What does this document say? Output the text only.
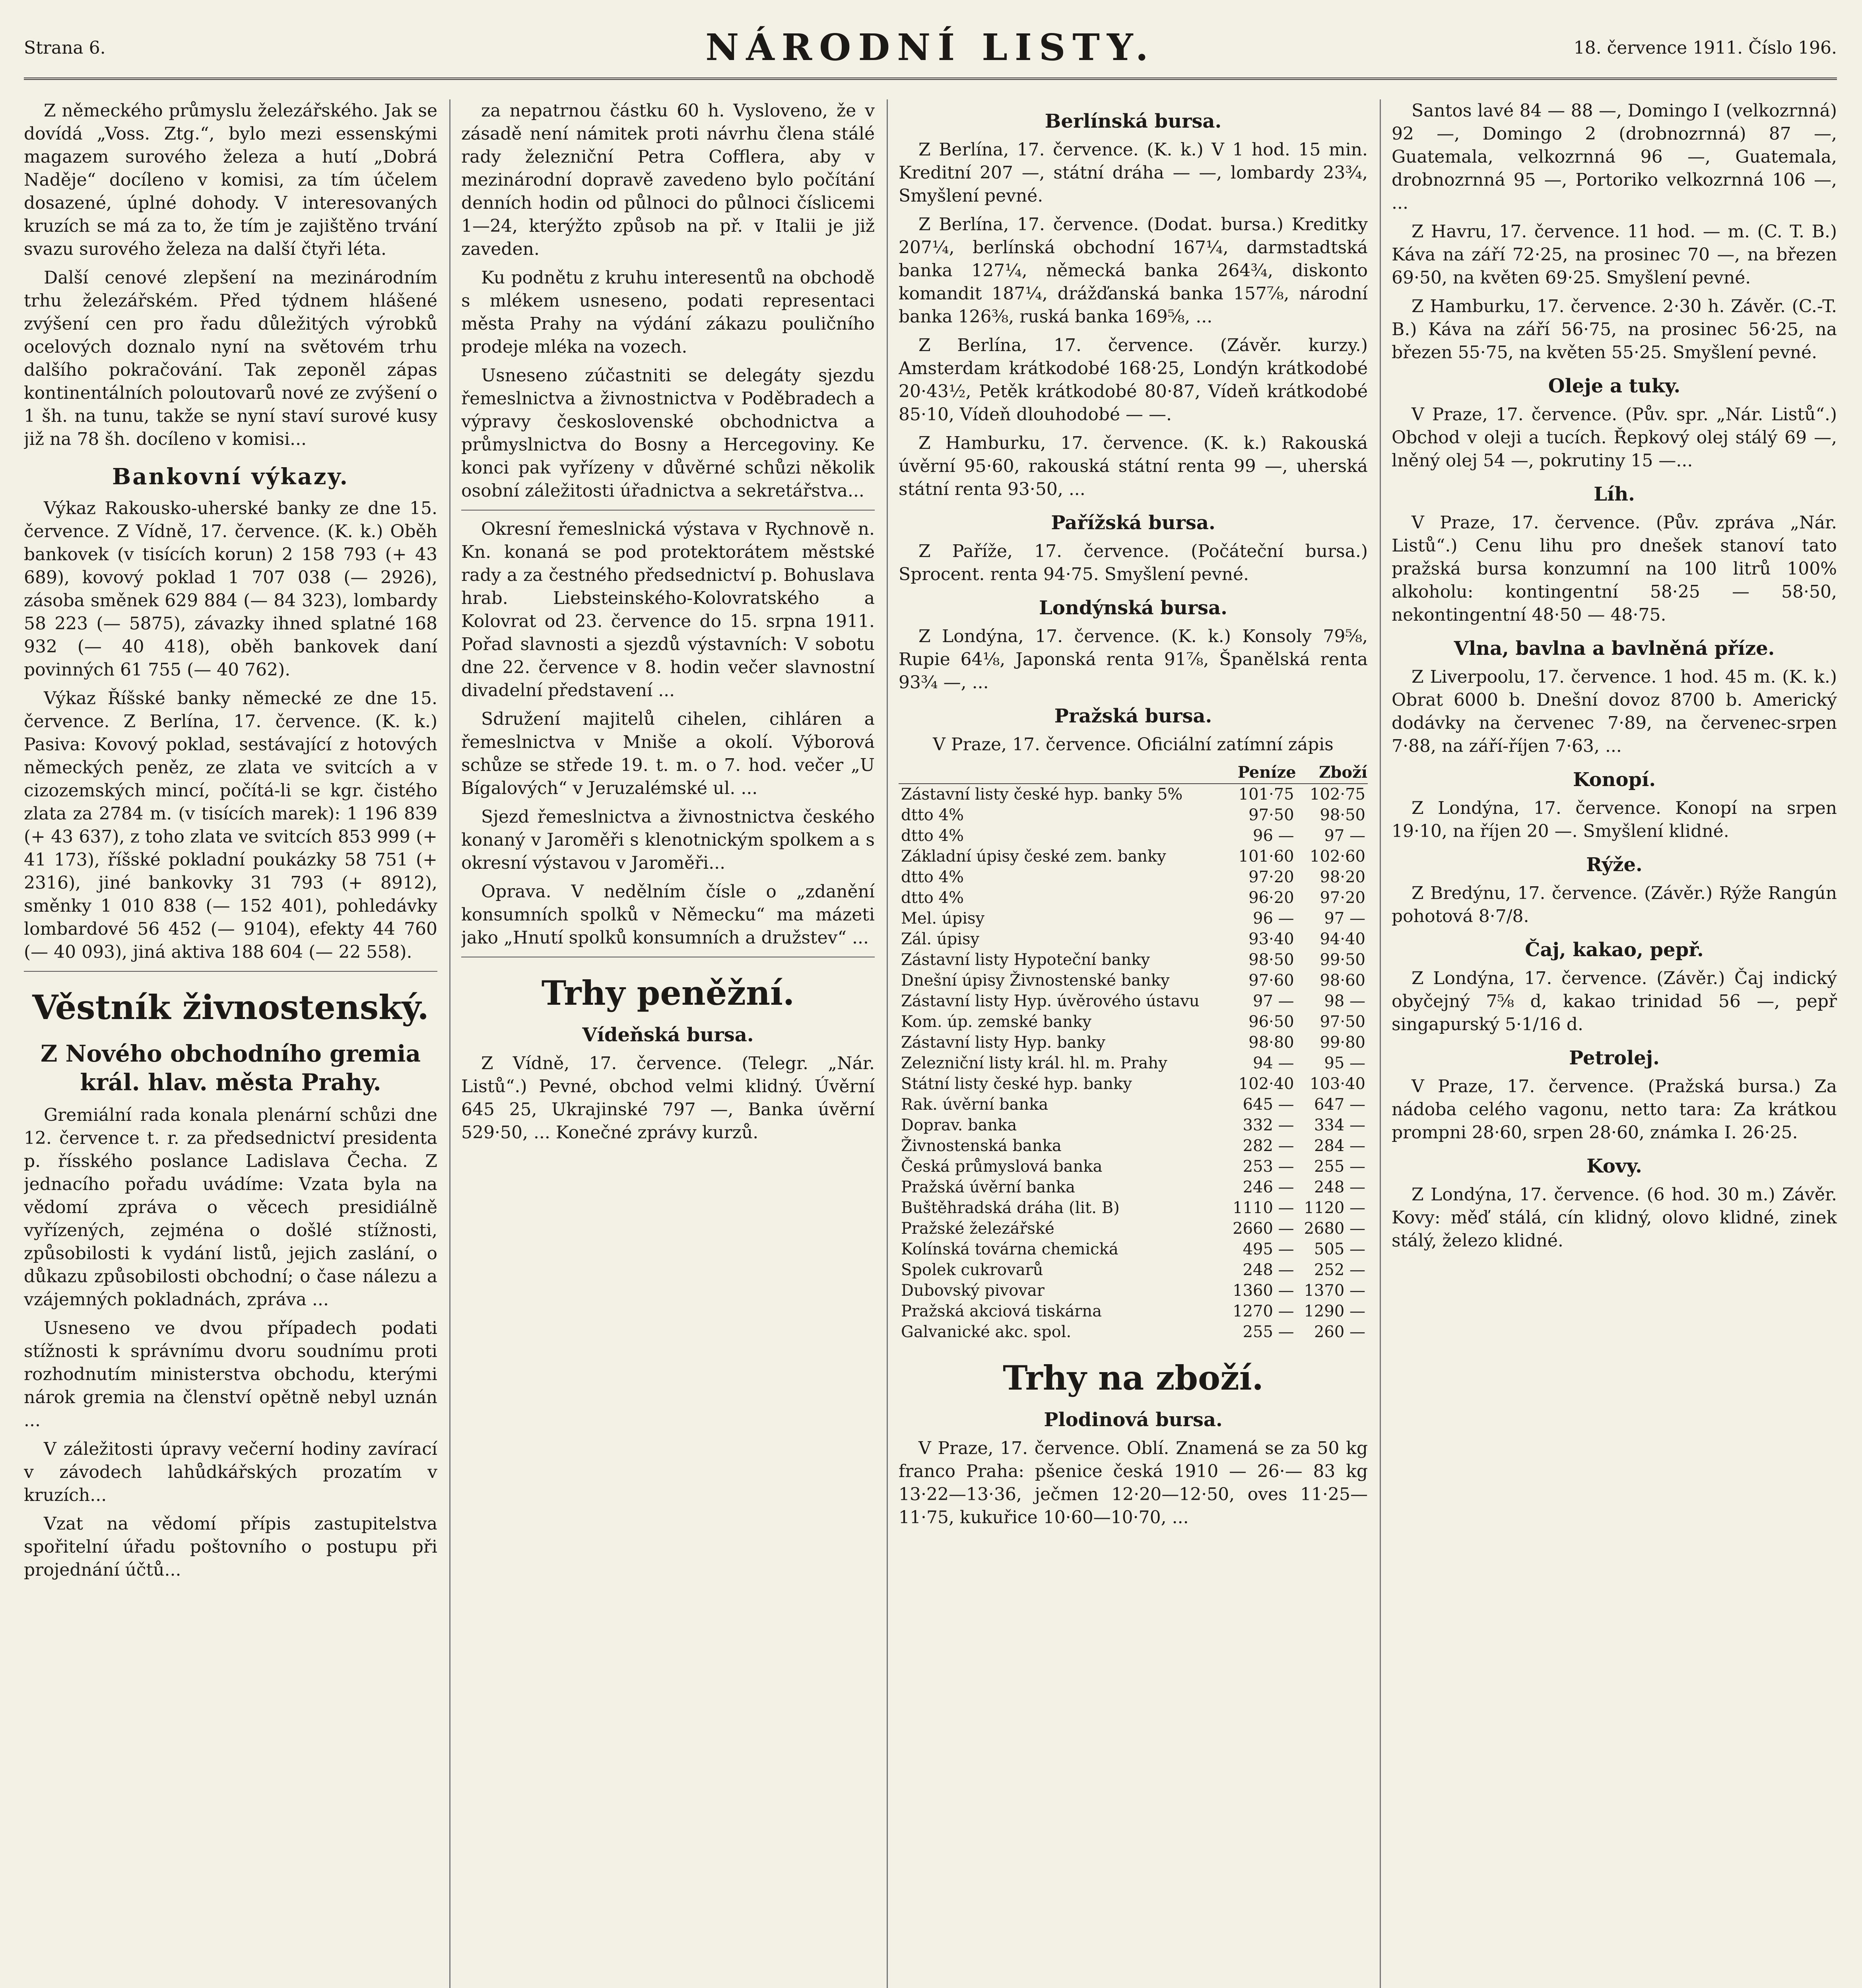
Strana 6.	NÁRODNÍ LISTY.	18. července 1911. Číslo 196.

Z německého průmyslu železářského. Jak se dovídá „Voss. Ztg.“, bylo mezi essenskými magazem surového železa a hutí „Dobrá Naděje“ docíleno v komisi, za tím účelem dosazené, úplné dohody. V interesovaných kruzích se má za to, že tím je zajištěno trvání svazu surového železa na další čtyři léta.

Další cenové zlepšení na mezinárodním trhu železářském. Před týdnem hlášené zvýšení cen pro řadu důležitých výrobků ocelových doznalo nyní na světovém trhu dalšího pokračování. Tak zeponěl zápas kontinentálních poloutovarů nové ze zvýšení o 1 šh. na tunu, takže se nyní staví surové kusy již na 78 šh. docíleno v komisi...

Bankovní výkazy.

Výkaz Rakousko-uherské banky ze dne 15. července. Z Vídně, 17. července. (K. k.) Oběh bankovek (v tisících korun) 2 158 793 (+ 43 689), kovový poklad 1 707 038 (— 2926), zásoba směnek 629 884 (— 84 323), lombardy 58 223 (— 5875), závazky ihned splatné 168 932 (— 40 418), oběh bankovek daní povinných 61 755 (— 40 762).

Výkaz Říšské banky německé ze dne 15. července. Z Berlína, 17. července. (K. k.) Pasiva: Kovový poklad, sestávající z hotových německých peněz, ze zlata ve svitcích a v cizozemských mincí, počítá-li se kgr. čistého zlata za 2784 m. (v tisících marek): 1 196 839 (+ 43 637), z toho zlata ve svitcích 853 999 (+ 41 173), říšské pokladní poukázky 58 751 (+ 2316), jiné bankovky 31 793 (+ 8912), směnky 1 010 838 (— 152 401), pohledávky lombardové 56 452 (— 9104), efekty 44 760 (— 40 093), jiná aktiva 188 604 (— 22 558).

Věstník živnostenský.
Z Nového obchodního gremia král. hlav. města Prahy.

Gremiální rada konala plenární schůzi dne 12. července t. r. za předsednictví presidenta p. řísského poslance Ladislava Čecha. Z jednacího pořadu uvádíme: Vzata byla na vědomí zpráva o věcech presidiálně vyřízených, zejména o došlé stížnosti, způsobilosti k vydání listů, jejich zaslání, o důkazu způsobilosti obchodní; o čase nálezu a vzájemných pokladnách, zpráva ...

Usneseno ve dvou případech podati stížnosti k správnímu dvoru soudnímu proti rozhodnutím ministerstva obchodu, kterými nárok gremia na členství opětně nebyl uznán ...

V záležitosti úpravy večerní hodiny zavírací v závodech lahůdkářských prozatím v kruzích...

Vzat na vědomí přípis zastupitelstva spořitelní úřadu poštovního o postupu při projednání účtů...

za nepatrnou částku 60 h. Vysloveno, že v zásadě není námitek proti návrhu člena stálé rady železniční Petra Cofflera, aby v mezinárodní dopravě zavedeno bylo počítání denních hodin od půlnoci do půlnoci číslicemi 1—24, kterýžto způsob na př. v Italii je již zaveden.

Ku podnětu z kruhu interesentů na obchodě s mlékem usneseno, podati representaci města Prahy na výdání zákazu pouličního prodeje mléka na vozech.

Usneseno zúčastniti se delegáty sjezdu řemeslnictva a živnostnictva v Poděbradech a výpravy československé obchodnictva a průmyslnictva do Bosny a Hercegoviny. Ke konci pak vyřízeny v důvěrné schůzi několik osobní záležitosti úřadnictva a sekretářstva...

Okresní řemeslnická výstava v Rychnově n. Kn. konaná se pod protektorátem městské rady a za čestného předsednictví p. Bohuslava hrab. Liebsteinského-Kolovratského a Kolovrat od 23. července do 15. srpna 1911. Pořad slavnosti a sjezdů výstavních: V sobotu dne 22. července v 8. hodin večer slavnostní divadelní představení ...

Sdružení majitelů cihelen, cihláren a řemeslnictva v Mniše a okolí. Výborová schůze se střede 19. t. m. o 7. hod. večer „U Bígalových“ v Jeruzalémské ul. ...

Sjezd řemeslnictva a živnostnictva českého konaný v Jaroměři s klenotnickým spolkem a s okresní výstavou v Jaroměři...

Oprava. V nedělním čísle o „zdanění konsumních spolků v Německu“ ma mázeti jako „Hnutí spolků konsumních a družstev“ ...

Trhy peněžní.
Vídeňská bursa.

Z Vídně, 17. července. (Telegr. „Nár. Listů“.) Pevné, obchod velmi klidný. Úvěrní 645 25, Ukrajinské 797 —, Banka úvěrní 529·50, ... Konečné zprávy kurzů.

Berlínská bursa.

Z Berlína, 17. července. (K. k.) V 1 hod. 15 min. Kreditní 207 —, státní dráha — —, lombardy 23¾, Smyšlení pevné.

Z Berlína, 17. července. (Dodat. bursa.) Kreditky 207¼, berlínská obchodní 167¼, darmstadtská banka 127¼, německá banka 264¾, diskonto komandit 187¼, drážďanská banka 157⅞, národní banka 126⅜, ruská banka 169⅝, ...

Z Berlína, 17. července. (Závěr. kurzy.) Amsterdam krátkodobé 168·25, Londýn krátkodobé 20·43½, Petěk krátkodobé 80·87, Vídeň krátkodobé 85·10, Vídeň dlouhodobé — —.

Z Hamburku, 17. července. (K. k.) Rakouská úvěrní 95·60, rakouská státní renta 99 —, uherská státní renta 93·50, ...

Pařížská bursa.

Z Paříže, 17. července. (Počáteční bursa.) Sprocent. renta 94·75. Smyšlení pevné.

Londýnská bursa.

Z Londýna, 17. července. (K. k.) Konsoly 79⅝, Rupie 64⅛, Japonská renta 91⅞, Španělská renta 93¾ —, ...

Pražská bursa.

V Praze, 17. července. Oficiální zatímní zápis

	Peníze	Zboží
Zástavní listy české hyp. banky 5%	101·75	102·75
dtto 4%	97·50	98·50
dtto 4%	96 —	97 —
Základní úpisy české zem. banky	101·60	102·60
dtto 4%	97·20	98·20
dtto 4%	96·20	97·20
Mel. úpisy	96 —	97 —
Zál. úpisy	93·40	94·40
Zástavní listy Hypoteční banky	98·50	99·50
Dnešní úpisy Živnostenské banky	97·60	98·60
Zástavní listy Hyp. úvěrového ústavu	97 —	98 —
Kom. úp. zemské banky	96·50	97·50
Zástavní listy Hyp. banky	98·80	99·80
Zelezniční listy král. hl. m. Prahy	94 —	95 —
Státní listy české hyp. banky	102·40	103·40
Rak. úvěrní banka	645 —	647 —
Doprav. banka	332 —	334 —
Živnostenská banka	282 —	284 —
Česká průmyslová banka	253 —	255 —
Pražská úvěrní banka	246 —	248 —
Buštěhradská dráha (lit. B)	1110 —	1120 —
Pražské železářské	2660 —	2680 —
Kolínská továrna chemická	495 —	505 —
Spolek cukrovarů	248 —	252 —
Dubovský pivovar	1360 —	1370 —
Pražská akciová tiskárna	1270 —	1290 —
Galvanické akc. spol.	255 —	260 —
Trhy na zboží.
Plodinová bursa.

V Praze, 17. července. Oblí. Znamená se za 50 kg franco Praha: pšenice česká 1910 — 26·— 83 kg 13·22—13·36, ječmen 12·20—12·50, oves 11·25—11·75, kukuřice 10·60—10·70, ...

Santos lavé 84 — 88 —, Domingo I (velkozrnná) 92 —, Domingo 2 (drobnozrnná) 87 —, Guatemala, velkozrnná 96 —, Guatemala, drobnozrnná 95 —, Portoriko velkozrnná 106 —, ...

Z Havru, 17. července. 11 hod. — m. (C. T. B.) Káva na září 72·25, na prosinec 70 —, na březen 69·50, na květen 69·25. Smyšlení pevné.

Z Hamburku, 17. července. 2·30 h. Závěr. (C.-T. B.) Káva na září 56·75, na prosinec 56·25, na březen 55·75, na květen 55·25. Smyšlení pevné.

Oleje a tuky.

V Praze, 17. července. (Pův. spr. „Nár. Listů“.) Obchod v oleji a tucích. Řepkový olej stálý 69 —, lněný olej 54 —, pokrutiny 15 —...

Líh.

V Praze, 17. července. (Pův. zpráva „Nár. Listů“.) Cenu lihu pro dnešek stanoví tato pražská bursa konzumní na 100 litrů 100% alkoholu: kontingentní 58·25 — 58·50, nekontingentní 48·50 — 48·75.

Vlna, bavlna a bavlněná příze.

Z Liverpoolu, 17. července. 1 hod. 45 m. (K. k.) Obrat 6000 b. Dnešní dovoz 8700 b. Americký dodávky na červenec 7·89, na červenec-srpen 7·88, na září-říjen 7·63, ...

Konopí.

Z Londýna, 17. července. Konopí na srpen 19·10, na říjen 20 —. Smyšlení klidné.

Rýže.

Z Bredýnu, 17. července. (Závěr.) Rýže Rangún pohotová 8·7/8.

Čaj, kakao, pepř.

Z Londýna, 17. července. (Závěr.) Čaj indický obyčejný 7⅝ d, kakao trinidad 56 —, pepř singapurský 5·1/16 d.

Petrolej.

V Praze, 17. července. (Pražská bursa.) Za nádoba celého vagonu, netto tara: Za krátkou prompni 28·60, srpen 28·60, známka I. 26·25.

Kovy.

Z Londýna, 17. července. (6 hod. 30 m.) Závěr. Kovy: měď stálá, cín klidný, olovo klidné, zinek stálý, železo klidné.
